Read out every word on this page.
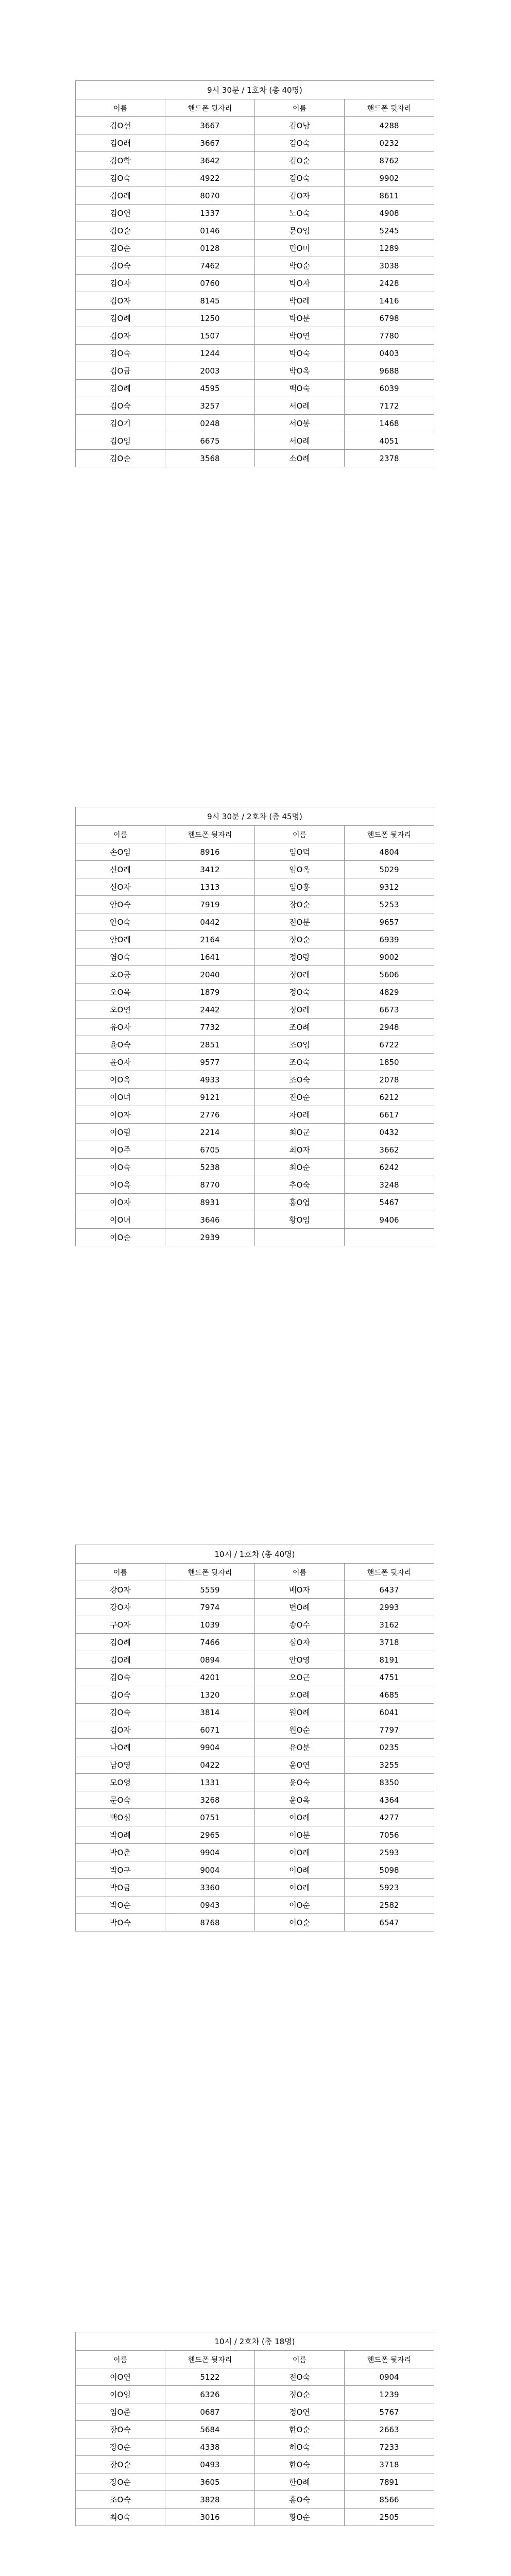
9시 30분 / 1호차 (총 40명)			
이름	핸드폰 뒷자리	이름	핸드폰 뒷자리
김O선	3667	김O남	4288
김O래	3667	김O숙	0232
김O학	3642	김O순	8762
김O숙	4922	김O숙	9902
김O례	8070	김O자	8611
김O연	1337	노O숙	4908
김O순	0146	문O임	5245
김O순	0128	민O미	1289
김O숙	7462	박O순	3038
김O자	0760	박O자	2428
김O자	8145	박O례	1416
김O례	1250	박O분	6798
김O자	1507	박O연	7780
김O숙	1244	박O숙	0403
김O금	2003	박O옥	9688
김O례	4595	백O숙	6039
김O숙	3257	서O례	7172
김O기	0248	서O봉	1468
김O임	6675	서O례	4051
김O순	3568	소O례	2378
9시 30분 / 2호차 (총 45명)			
이름	핸드폰 뒷자리	이름	핸드폰 뒷자리
손O임	8916	임O덕	4804
신O례	3412	임O옥	5029
신O자	1313	임O홍	9312
안O숙	7919	장O순	5253
안O숙	0442	전O분	9657
안O례	2164	정O순	6939
염O숙	1641	정O랑	9002
오O공	2040	정O례	5606
오O옥	1879	정O숙	4829
오O연	2442	정O례	6673
유O자	7732	조O례	2948
윤O숙	2851	조O임	6722
윤O자	9577	조O숙	1850
이O옥	4933	조O숙	2078
이O녀	9121	진O순	6212
이O자	2776	차O례	6617
이O림	2214	최O군	0432
이O주	6705	최O자	3662
이O숙	5238	최O순	6242
이O옥	8770	추O숙	3248
이O자	8931	홍O엽	5467
이O녀	3646	황O임	9406
이O순	2939		
10시 / 1호차 (총 40명)			
이름	핸드폰 뒷자리	이름	핸드폰 뒷자리
강O자	5559	배O자	6437
강O자	7974	변O례	2993
구O자	1039	송O수	3162
김O례	7466	심O자	3718
김O례	0894	안O영	8191
김O숙	4201	오O근	4751
김O숙	1320	오O례	4685
김O숙	3814	원O례	6041
김O자	6071	원O순	7797
나O례	9904	유O분	0235
남O영	0422	윤O연	3255
모O영	1331	윤O숙	8350
문O숙	3268	윤O옥	4364
백O심	0751	이O례	4277
박O례	2965	이O분	7056
박O춘	9904	이O례	2593
박O구	9004	이O례	5098
박O금	3360	이O례	5923
박O순	0943	이O순	2582
박O숙	8768	이O순	6547
10시 / 2호차 (총 18명)			
이름	핸드폰 뒷자리	이름	핸드폰 뒷자리
이O연	5122	전O숙	0904
이O임	6326	정O순	1239
임O준	0687	정O연	5767
장O숙	5684	한O순	2663
장O순	4338	허O숙	7233
장O순	0493	한O숙	3718
장O순	3605	한O례	7891
조O숙	3828	홍O숙	8566
최O숙	3016	황O순	2505
